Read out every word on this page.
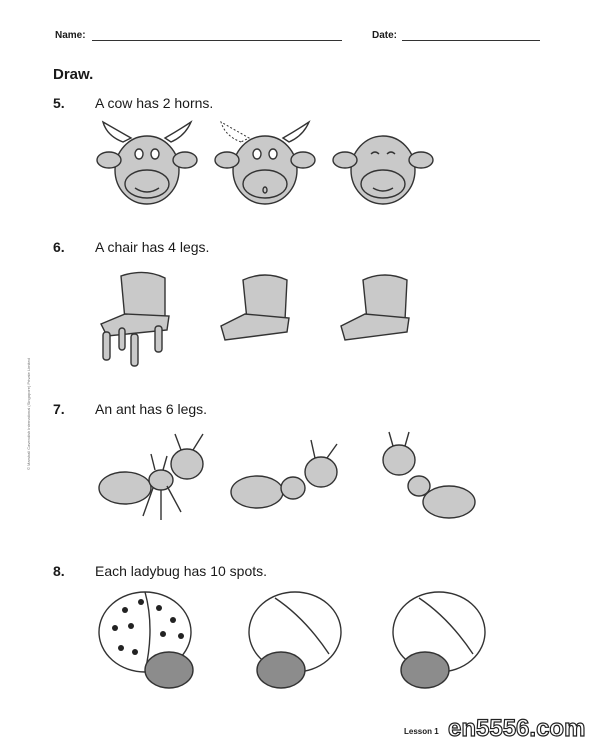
Name:	Date:
Draw.
5. A cow has 2 horns.
6. A chair has 4 legs.
7. An ant has 6 legs.
8. Each ladybug has 10 spots.
© Marshall Cavendish International (Singapore) Private Limited
Lesson 1 en5556.com
